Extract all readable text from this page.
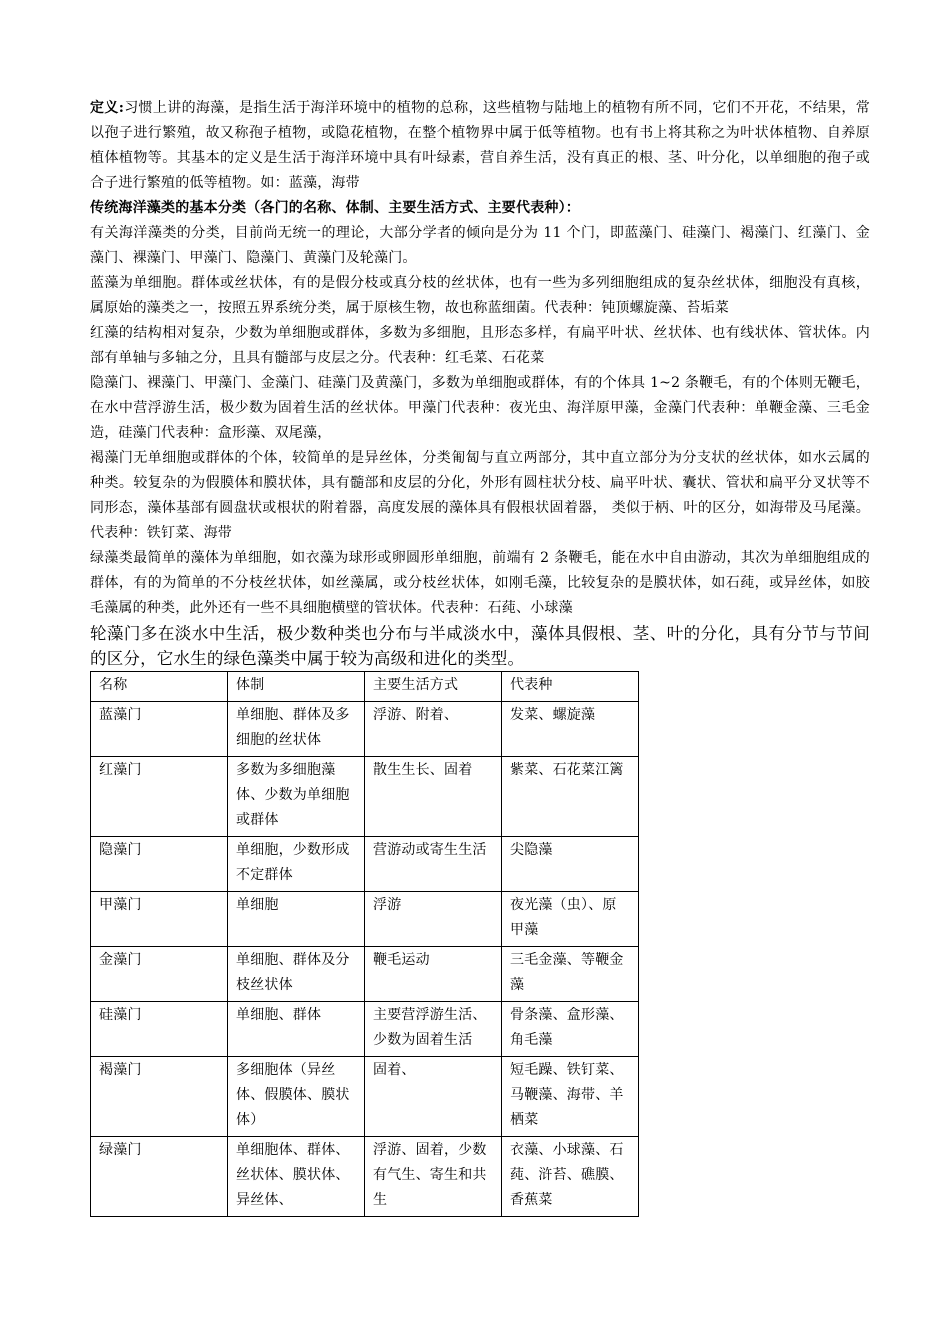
定义:习惯上讲的海藻，是指生活于海洋环境中的植物的总称，这些植物与陆地上的植物有所不同，它们不开花，不结果，常以孢子进行繁殖，故又称孢子植物，或隐花植物，在整个植物界中属于低等植物。也有书上将其称之为叶状体植物、自养原植体植物等。其基本的定义是生活于海洋环境中具有叶绿素，营自养生活，没有真正的根、茎、叶分化，以单细胞的孢子或合子进行繁殖的低等植物。如：蓝藻，海带

传统海洋藻类的基本分类（各门的名称、体制、主要生活方式、主要代表种）：

有关海洋藻类的分类，目前尚无统一的理论，大部分学者的倾向是分为 11 个门，即蓝藻门、硅藻门、褐藻门、红藻门、金藻门、裸藻门、甲藻门、隐藻门、黄藻门及轮藻门。

蓝藻为单细胞。群体或丝状体，有的是假分枝或真分枝的丝状体，也有一些为多列细胞组成的复杂丝状体，细胞没有真核，属原始的藻类之一，按照五界系统分类，属于原核生物，故也称蓝细菌。代表种：钝顶螺旋藻、苔垢菜

红藻的结构相对复杂，少数为单细胞或群体，多数为多细胞，且形态多样，有扁平叶状、丝状体、也有线状体、管状体。内部有单轴与多轴之分，且具有髓部与皮层之分。代表种：红毛菜、石花菜

隐藻门、裸藻门、甲藻门、金藻门、硅藻门及黄藻门，多数为单细胞或群体，有的个体具 1~2 条鞭毛，有的个体则无鞭毛，在水中营浮游生活，极少数为固着生活的丝状体。甲藻门代表种：夜光虫、海洋原甲藻，金藻门代表种：单鞭金藻、三毛金造，硅藻门代表种：盒形藻、双尾藻，

褐藻门无单细胞或群体的个体，较简单的是异丝体，分类匍匐与直立两部分，其中直立部分为分支状的丝状体，如水云属的种类。较复杂的为假膜体和膜状体，具有髓部和皮层的分化，外形有圆柱状分枝、扁平叶状、囊状、管状和扁平分叉状等不同形态，藻体基部有圆盘状或根状的附着器，高度发展的藻体具有假根状固着器， 类似于柄、叶的区分，如海带及马尾藻。代表种：铁钉菜、海带

绿藻类最简单的藻体为单细胞，如衣藻为球形或卵圆形单细胞，前端有 2 条鞭毛，能在水中自由游动，其次为单细胞组成的群体，有的为简单的不分枝丝状体，如丝藻属，或分枝丝状体，如刚毛藻，比较复杂的是膜状体，如石莼，或异丝体，如胶毛藻属的种类，此外还有一些不具细胞横壁的管状体。代表种：石莼、小球藻

轮藻门多在淡水中生活，极少数种类也分布与半咸淡水中，藻体具假根、茎、叶的分化，具有分节与节间的区分，它水生的绿色藻类中属于较为高级和进化的类型。

名称	体制	主要生活方式	代表种
蓝藻门	单细胞、群体及多细胞的丝状体	浮游、附着、	发菜、螺旋藻
红藻门	多数为多细胞藻体、少数为单细胞或群体	散生生长、固着	紫菜、石花菜江篱
隐藻门	单细胞，少数形成不定群体	营游动或寄生生活	尖隐藻
甲藻门	单细胞	浮游	夜光藻（虫）、原甲藻
金藻门	单细胞、群体及分枝丝状体	鞭毛运动	三毛金藻、等鞭金藻
硅藻门	单细胞、群体	主要营浮游生活、少数为固着生活	骨条藻、盒形藻、角毛藻
褐藻门	多细胞体（异丝体、假膜体、膜状体）	固着、	短毛躁、铁钉菜、马鞭藻、海带、羊栖菜
绿藻门	单细胞体、群体、丝状体、膜状体、异丝体、	浮游、固着，少数有气生、寄生和共生	衣藻、小球藻、石莼、浒苔、礁膜、香蕉菜
